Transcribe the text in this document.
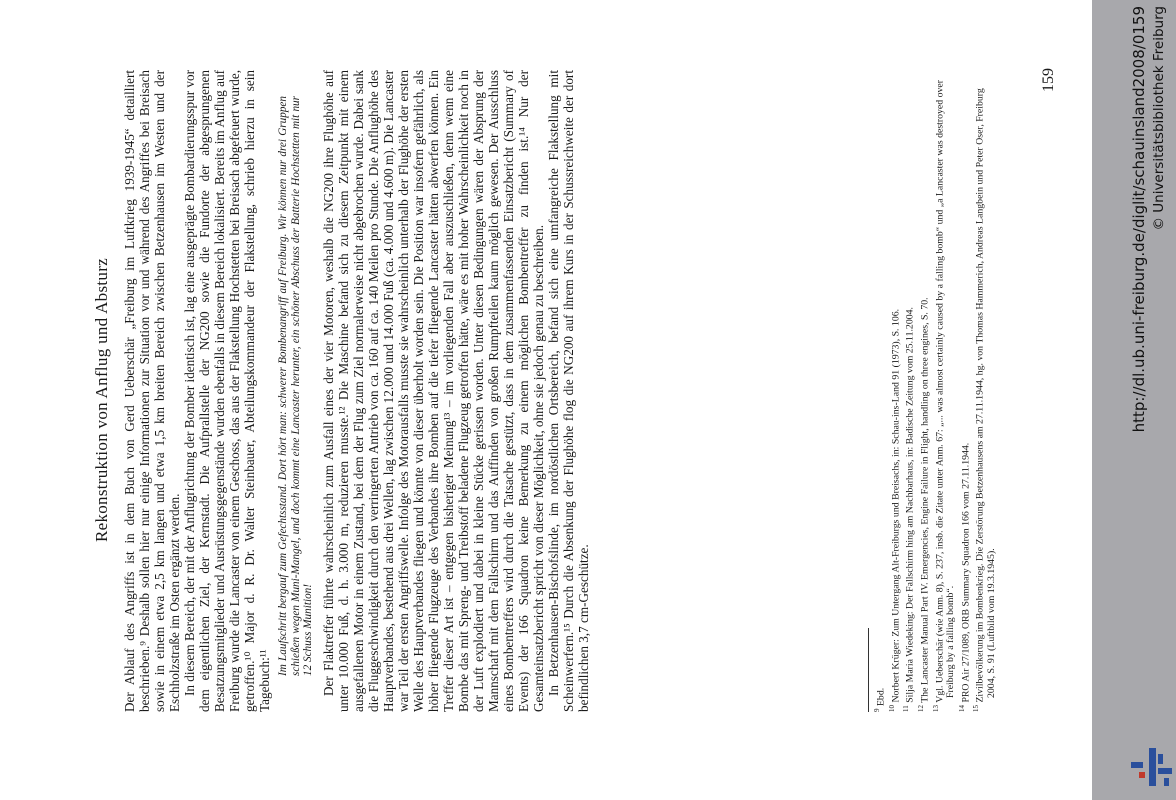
Rekonstruktion von Anflug und Absturz Der Ablauf des Angriffs ist in dem Buch von Gerd Ueberschär „Freiburg im Luftkrieg 1939-1945“ detailliert beschrieben.⁹ Deshalb sollen hier nur einige Informationen zur Situation vor und während des Angriffes bei Breisach sowie in einem etwa 2,5 km langen und etwa 1,5 km breiten Bereich zwischen Betzenhausen im Westen und der Eschholzstraße im Osten ergänzt werden. In diesem Bereich, der mit der Anflugrichtung der Bomber identisch ist, lag eine ausgeprägte Bombardierungsspur vor dem eigentlichen Ziel, der Kernstadt. Die Aufprallstelle der NG200 sowie die Fundorte der abgesprungenen Besatzungsmitglieder und Ausrüstungsgegenstände wurden ebenfalls in diesem Bereich lokalisiert. Bereits im Anflug auf Freiburg wurde die Lancaster von einem Geschoss, das aus der Flakstellung Hochstetten bei Breisach abgefeuert wurde, getroffen.¹⁰ Major d. R. Dr. Walter Steinbauer, Abteilungskommandeur der Flakstellung, schrieb hierzu in sein Tagebuch:¹¹

Im Laufschritt bergauf zum Gefechtsstand. Dort hört man: schwerer Bombenangriff auf Freiburg. Wir können nur drei Gruppen schießen wegen Muni-Mangel, und doch kommt eine Lancaster herunter, ein schöner Abschuss der Batterie Hochstetten mit nur 12 Schuss Munition! Der Flaktreffer führte wahrscheinlich zum Ausfall eines der vier Motoren, weshalb die NG200 ihre Flughöhe auf unter 10.000 Fuß, d. h. 3.000 m, reduzieren musste.¹² Die Maschine befand sich zu diesem Zeitpunkt mit einem ausgefallenen Motor in einem Zustand, bei dem der Flug zum Ziel normalerweise nicht abgebrochen wurde. Dabei sank die Fluggeschwindigkeit durch den verringerten Antrieb von ca. 160 auf ca. 140 Meilen pro Stunde. Die Anflughöhe des Hauptverbandes, bestehend aus drei Wellen, lag zwischen 12.000 und 14.000 Fuß (ca. 4.000 und 4.600 m). Die Lancaster war Teil der ersten Angriffswelle. Infolge des Motorausfalls musste sie wahrscheinlich unterhalb der Flughöhe der ersten Welle des Hauptverbandes fliegen und könnte von dieser überholt worden sein. Die Position war insofern gefährlich, als höher fliegende Flugzeuge des Verbandes ihre Bomben auf die tiefer fliegende Lancaster hätten abwerfen können. Ein Treffer dieser Art ist – entgegen bisheriger Meinung¹³ – im vorliegenden Fall aber auszuschließen, denn wenn eine Bombe das mit Spreng- und Treibstoff beladene Flugzeug getroffen hätte, wäre es mit hoher Wahrscheinlichkeit noch in der Luft explodiert und dabei in kleine Stücke gerissen worden. Unter diesen Bedingungen wären der Absprung der Mannschaft mit dem Fallschirm und das Auffinden von großen Rumpfteilen kaum möglich gewesen. Der Ausschluss eines Bombentreffers wird durch die Tatsache gestützt, dass in dem zusammenfassenden Einsatzbericht (Summary of Events) der 166 Squadron keine Bemerkung zu einem möglichen Bombentreffer zu finden ist.¹⁴ Nur der Gesamteinsatzbericht spricht von dieser Möglichkeit, ohne sie jedoch genau zu beschreiben. In Betzenhausen-Bischofslinde, im nordöstlichen Ortsbereich, befand sich eine umfangreiche Flakstellung mit Scheinwerfern.¹⁵ Durch die Absenkung der Flughöhe flog die NG200 auf ihrem Kurs in der Schussreichweite der dort befindlichen 3,7 cm-Geschütze.	$^9$ Ebd.

$^{10}$ Norbert Krüger: Zum Untergang Alt-Freiburgs und Breisachs, in: Schau-ins-Land 91 (1973), S. 106.

$^{11}$ Silja Maria Wiedeking: Der Fallschirm hing am Nachbarhaus, in: Badische Zeitung vom 25.11.2004.

$^{12}$ The Lancaster Manual Part IV. Emergencies, Engine Failure in Flight, handling on three engines, S. 70.

$^{13}$ Vgl. Ueberschär (wie Anm. 8), S. 237, insb. die Zitate unter Anm. 67: „... was almost certainly caused by a falling bomb“ und „a Lancaster was destroyed over Freiburg by a falling bomb“.

$^{14}$ PRO Air 27/1089, ORB Summary Squadron 166 vom 27.11.1944.

$^{15}$ Zivilbevölkerung im Bombenkrieg. Die Zerstörung Betzenhausens am 27.11.1944, hg. von Thomas Hammerich, Andreas Langbein und Peter Oser, Freiburg 2004, S. 91 (Luftbild vom 19.3.1945).

159	http://dl.ub.uni-freiburg.de/diglit/schauinsland2008/0159 © Universitätsbibliothek Freiburg
